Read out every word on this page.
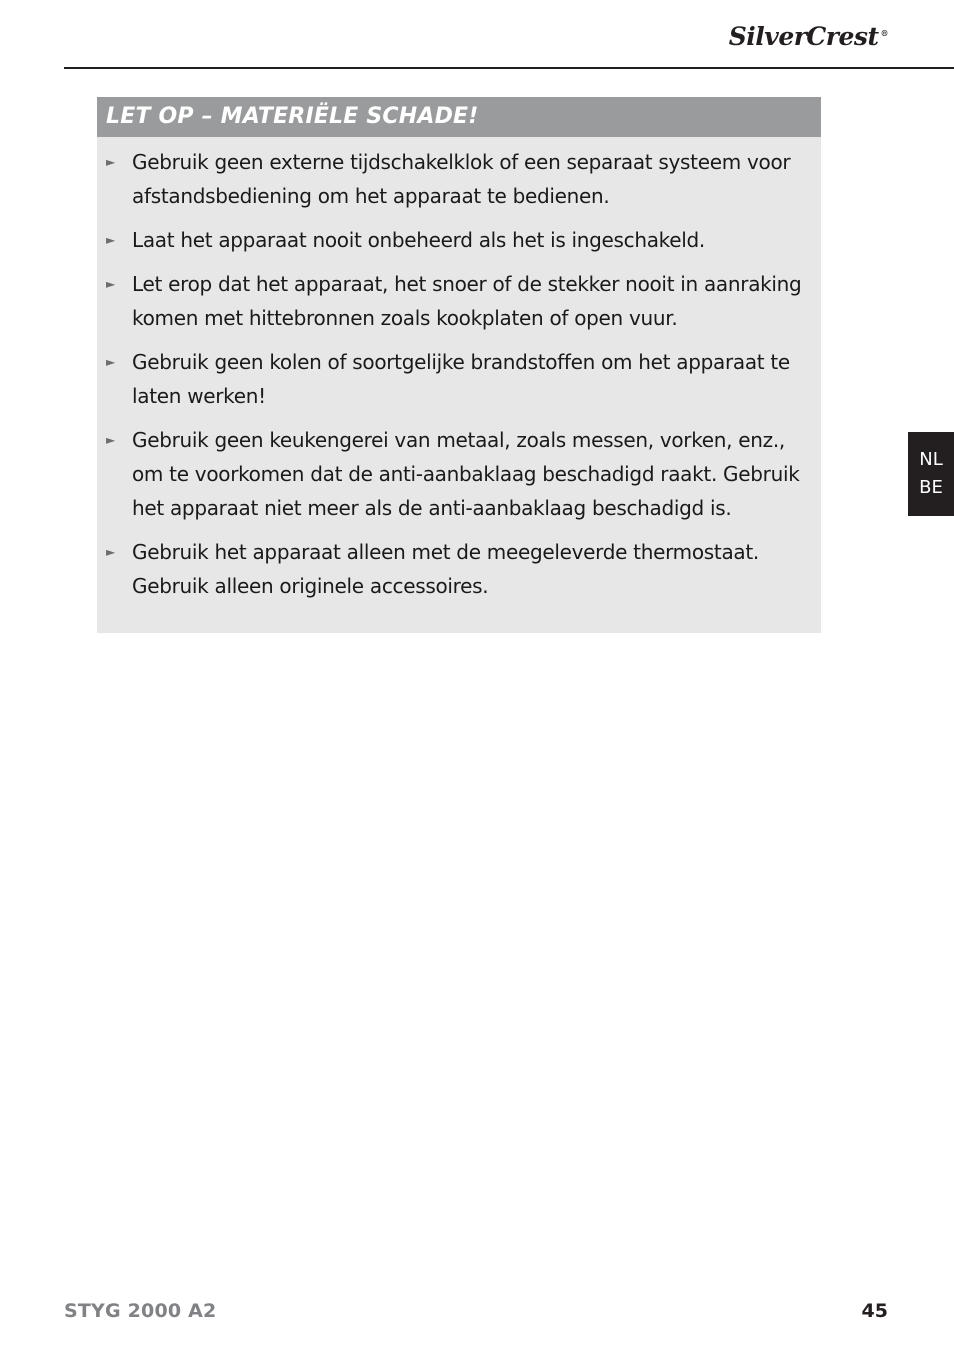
SilverCrest ®
LET OP – MATERIËLE SCHADE!
► Gebruik geen externe tijdschakelklok of een separaat systeem voor afstandsbediening om het apparaat te bedienen.
► Laat het apparaat nooit onbeheerd als het is ingeschakeld.
► Let erop dat het apparaat, het snoer of de stekker nooit in aanraking komen met hittebronnen zoals kookplaten of open vuur.
► Gebruik geen kolen of soortgelijke brandstoffen om het apparaat te laten werken!
► Gebruik geen keukengerei van metaal, zoals messen, vorken, enz., om te voorkomen dat de anti-aanbaklaag beschadigd raakt. Gebruik het apparaat niet meer als de anti-aanbaklaag beschadigd is.
► Gebruik het apparaat alleen met de meegeleverde thermostaat. Gebruik alleen originele accessoires.
NL
BE
STYG 2000 A2	45
